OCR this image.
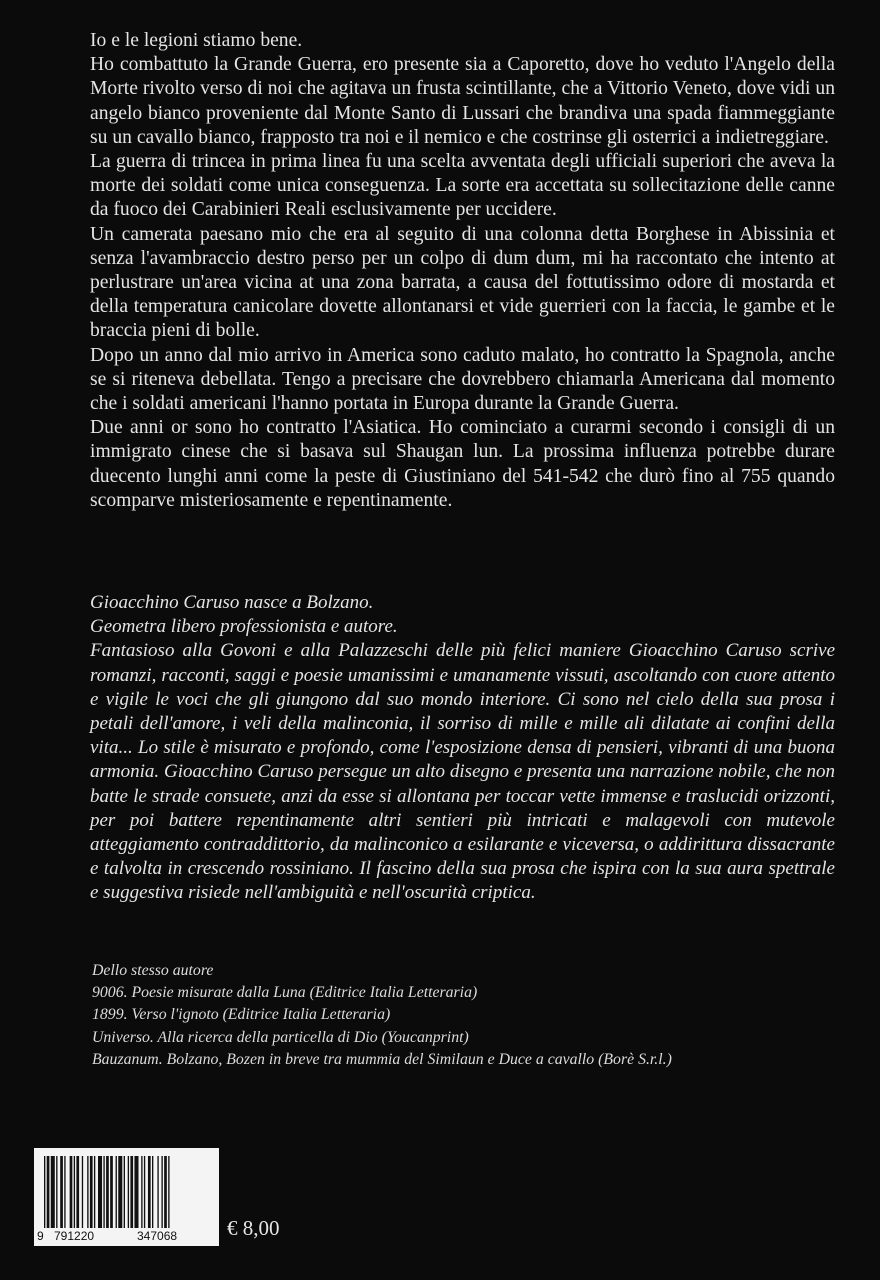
Io e le legioni stiamo bene.

Ho combattuto la Grande Guerra, ero presente sia a Caporetto, dove ho veduto l'Angelo della Morte rivolto verso di noi che agitava un frusta scintillante, che a Vittorio Veneto, dove vidi un angelo bianco proveniente dal Monte Santo di Lussari che brandiva una spada fiammeggiante su un cavallo bianco, frapposto tra noi e il nemico e che costrinse gli osterrici a indietreggiare.

La guerra di trincea in prima linea fu una scelta avventata degli ufficiali superiori che aveva la morte dei soldati come unica conseguenza. La sorte era accettata su sollecitazione delle canne da fuoco dei Carabinieri Reali esclusivamente per uccidere.

Un camerata paesano mio che era al seguito di una colonna detta Borghese in Abissinia et senza l'avambraccio destro perso per un colpo di dum dum, mi ha raccontato che intento at perlustrare un'area vicina at una zona barrata, a causa del fottutissimo odore di mostarda et della temperatura canicolare dovette allontanarsi et vide guerrieri con la faccia, le gambe et le braccia pieni di bolle.

Dopo un anno dal mio arrivo in America sono caduto malato, ho contratto la Spagnola, anche se si riteneva debellata. Tengo a precisare che dovrebbero chiamarla Americana dal momento che i soldati americani l'hanno portata in Europa durante la Grande Guerra.

Due anni or sono ho contratto l'Asiatica. Ho cominciato a curarmi secondo i consigli di un immigrato cinese che si basava sul Shaugan lun. La prossima influenza potrebbe durare duecento lunghi anni come la peste di Giustiniano del 541-542 che durò fino al 755 quando scomparve misteriosamente e repentinamente.

Gioacchino Caruso nasce a Bolzano.

Geometra libero professionista e autore.

Fantasioso alla Govoni e alla Palazzeschi delle più felici maniere Gioacchino Caruso scrive romanzi, racconti, saggi e poesie umanissimi e umanamente vissuti, ascoltando con cuore attento e vigile le voci che gli giungono dal suo mondo interiore. Ci sono nel cielo della sua prosa i petali dell'amore, i veli della malinconia, il sorriso di mille e mille ali dilatate ai confini della vita... Lo stile è misurato e profondo, come l'esposizione densa di pensieri, vibranti di una buona armonia. Gioacchino Caruso persegue un alto disegno e presenta una narrazione nobile, che non batte le strade consuete, anzi da esse si allontana per toccar vette immense e traslucidi orizzonti, per poi battere repentinamente altri sentieri più intricati e malagevoli con mutevole atteggiamento contraddittorio, da malinconico a esilarante e viceversa, o addirittura dissacrante e talvolta in crescendo rossiniano. Il fascino della sua prosa che ispira con la sua aura spettrale e suggestiva risiede nell'ambiguità e nell'oscurità criptica.

Dello stesso autore

9006. Poesie misurate dalla Luna (Editrice Italia Letteraria)

1899. Verso l'ignoto (Editrice Italia Letteraria)

Universo. Alla ricerca della particella di Dio (Youcanprint)

Bauzanum. Bolzano, Bozen in breve tra mummia del Similaun e Duce a cavallo (Borè S.r.l.)

9 791220	347068 € 8,00
